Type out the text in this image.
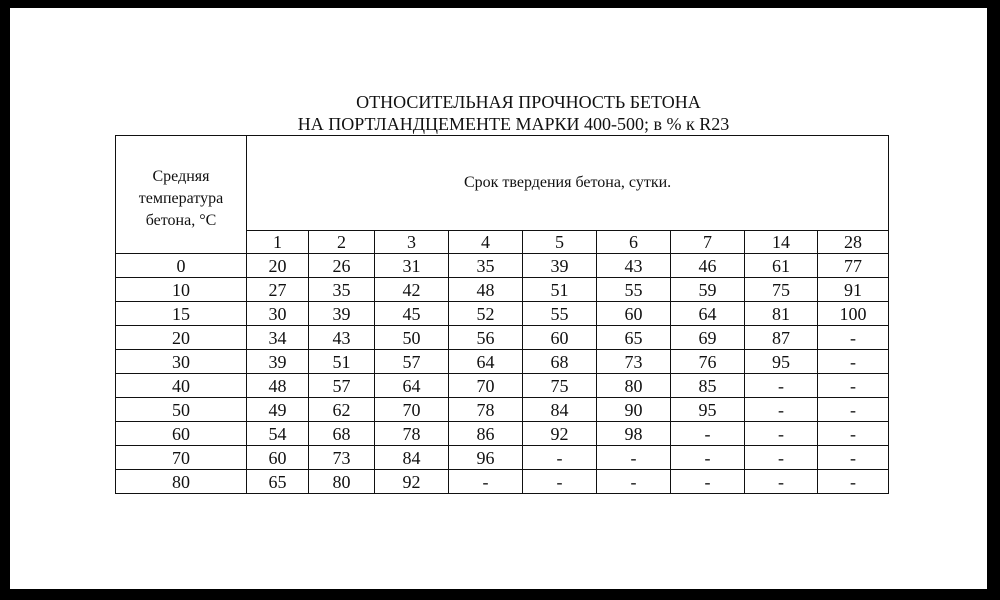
ОТНОСИТЕЛЬНАЯ ПРОЧНОСТЬ БЕТОНА
НА ПОРТЛАНДЦЕМЕНТЕ МАРКИ 400-500; в % к R23
Средняя
температура
бетона, °С	Срок твердения бетона, сутки.								
	1	2	3	4	5	6	7	14	28
0	20	26	31	35	39	43	46	61	77
10	27	35	42	48	51	55	59	75	91
15	30	39	45	52	55	60	64	81	100
20	34	43	50	56	60	65	69	87	-
30	39	51	57	64	68	73	76	95	-
40	48	57	64	70	75	80	85	-	-
50	49	62	70	78	84	90	95	-	-
60	54	68	78	86	92	98	-	-	-
70	60	73	84	96	-	-	-	-	-
80	65	80	92	-	-	-	-	-	-
